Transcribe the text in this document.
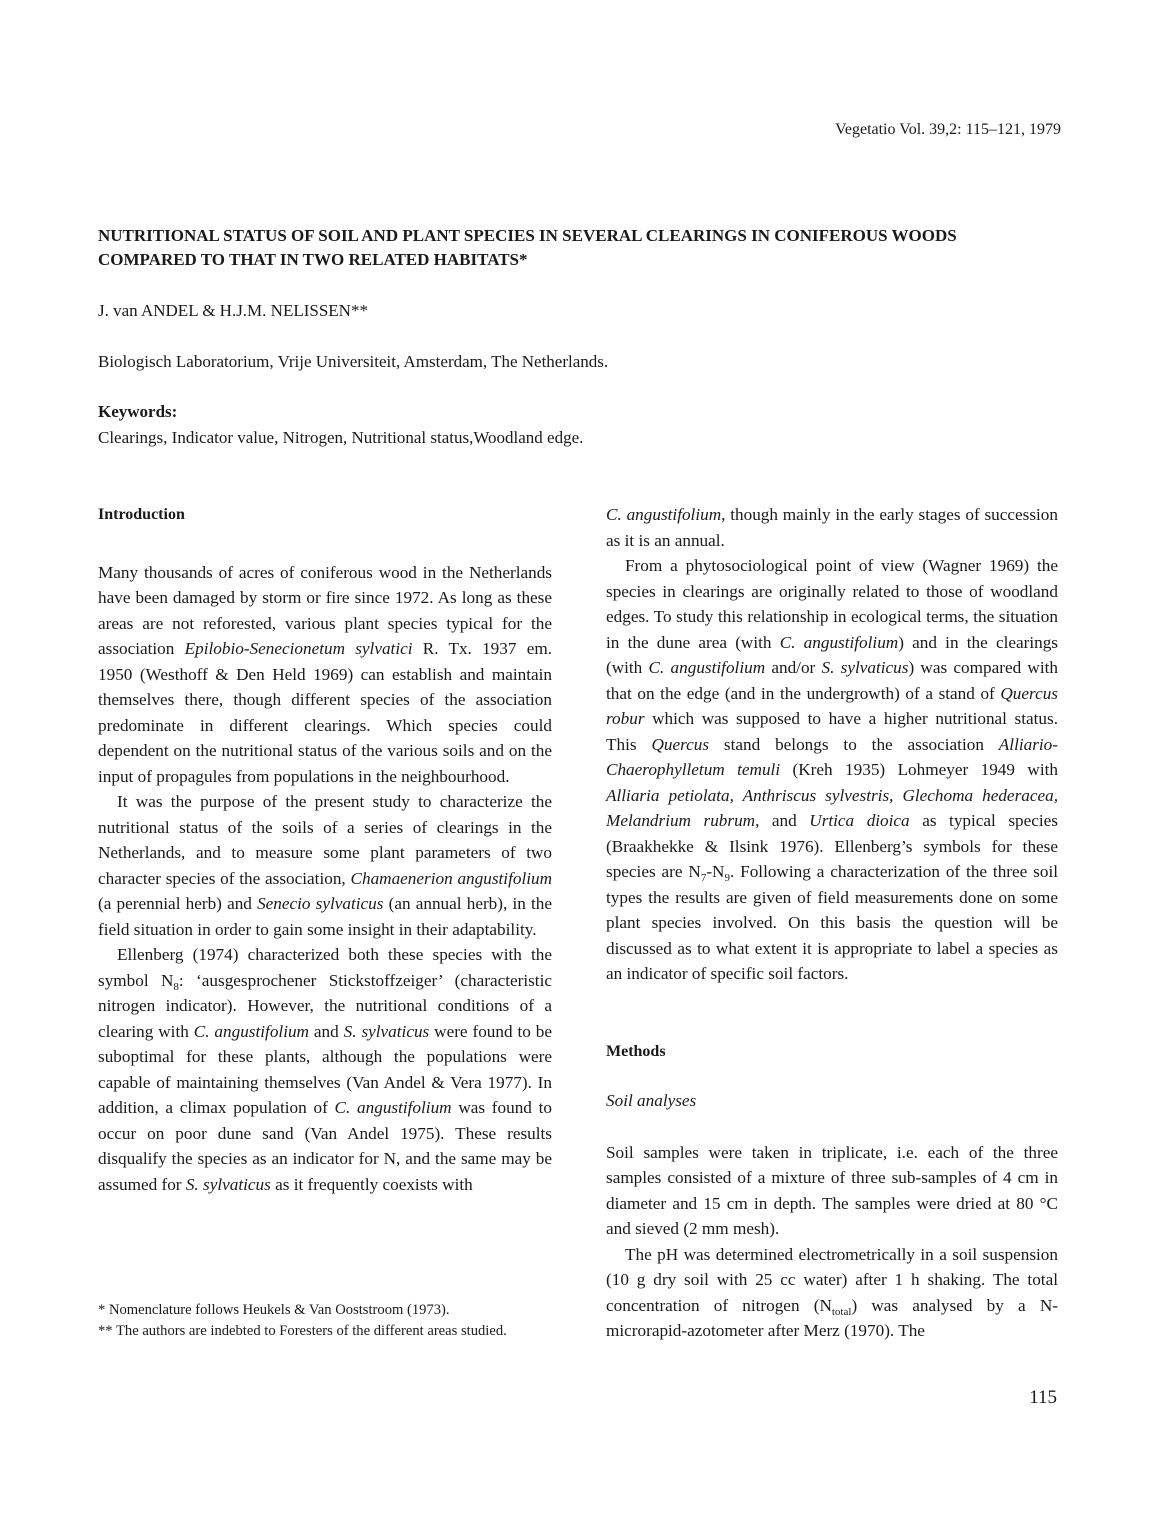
Vegetatio Vol. 39,2: 115–121, 1979
NUTRITIONAL STATUS OF SOIL AND PLANT SPECIES IN SEVERAL CLEARINGS IN CONIFEROUS WOODS COMPARED TO THAT IN TWO RELATED HABITATS*
J. van ANDEL & H.J.M. NELISSEN**
Biologisch Laboratorium, Vrije Universiteit, Amsterdam, The Netherlands.
Keywords:
Clearings, Indicator value, Nitrogen, Nutritional status,Woodland edge.

Introduction

Many thousands of acres of coniferous wood in the Netherlands have been damaged by storm or fire since 1972. As long as these areas are not reforested, various plant species typical for the association Epilobio-Senecionetum sylvatici R. Tx. 1937 em. 1950 (Westhoff & Den Held 1969) can establish and maintain themselves there, though different species of the association predominate in different clearings. Which species could dependent on the nutritional status of the various soils and on the input of propagules from populations in the neighbourhood.

It was the purpose of the present study to characterize the nutritional status of the soils of a series of clearings in the Netherlands, and to measure some plant parameters of two character species of the association, Chamaenerion angustifolium (a perennial herb) and Senecio sylvaticus (an annual herb), in the field situation in order to gain some insight in their adaptability.

Ellenberg (1974) characterized both these species with the symbol $N_8$: ‘ausgesprochener Stickstoffzeiger’ (characteristic nitrogen indicator). However, the nutritional conditions of a clearing with C. angustifolium and S. sylvaticus were found to be suboptimal for these plants, although the populations were capable of maintaining themselves (Van Andel & Vera 1977). In addition, a climax population of C. angustifolium was found to occur on poor dune sand (Van Andel 1975). These results disqualify the species as an indicator for N, and the same may be assumed for S. sylvaticus as it frequently coexists with

* Nomenclature follows Heukels & Van Ooststroom (1973).

** The authors are indebted to Foresters of the different areas studied.

C. angustifolium, though mainly in the early stages of succession as it is an annual.

From a phytosociological point of view (Wagner 1969) the species in clearings are originally related to those of woodland edges. To study this relationship in ecological terms, the situation in the dune area (with C. angustifolium) and in the clearings (with C. angustifolium and/or S. sylvaticus) was compared with that on the edge (and in the undergrowth) of a stand of Quercus robur which was supposed to have a higher nutritional status. This Quercus stand belongs to the association Alliario-Chaerophylletum temuli (Kreh 1935) Lohmeyer 1949 with Alliaria petiolata, Anthriscus sylvestris, Glechoma hederacea, Melandrium rubrum, and Urtica dioica as typical species (Braakhekke & Ilsink 1976). Ellenberg’s symbols for these species are $N_7-N_9$. Following a characterization of the three soil types the results are given of field measurements done on some plant species involved. On this basis the question will be discussed as to what extent it is appropriate to label a species as an indicator of specific soil factors.

Methods

Soil analyses

Soil samples were taken in triplicate, i.e. each of the three samples consisted of a mixture of three sub-samples of 4 cm in diameter and 15 cm in depth. The samples were dried at 80 °C and sieved (2 mm mesh).

The pH was determined electrometrically in a soil suspension (10 g dry soil with 25 cc water) after 1 h shaking. The total concentration of nitrogen $(N_{total})$ was analysed by a N-microrapid-azotometer after Merz (1970). The

115
